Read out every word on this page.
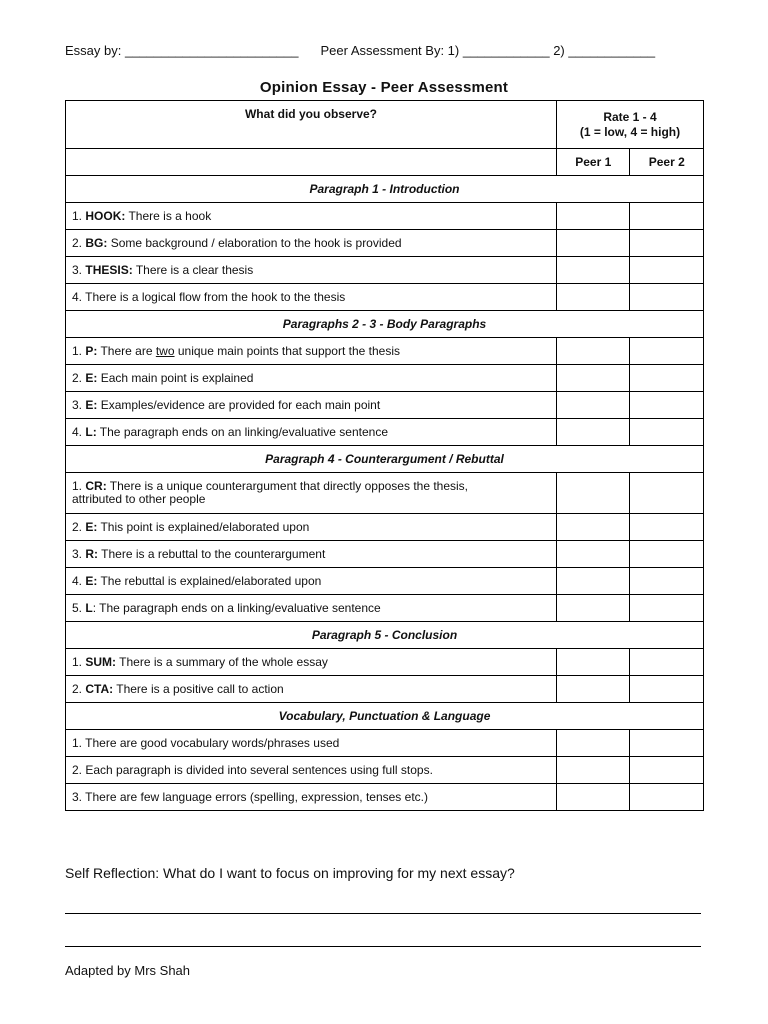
Essay by: ________________________ Peer Assessment By: 1) ____________ 2) ____________
Opinion Essay - Peer Assessment
What did you observe?	Rate 1 - 4
(1 = low, 4 = high)	

	Peer 1	Peer 2
Paragraph 1 - Introduction		
1. HOOK: There is a hook		
2. BG: Some background / elaboration to the hook is provided		
3. THESIS: There is a clear thesis		
4. There is a logical flow from the hook to the thesis		
Paragraphs 2 - 3 - Body Paragraphs		
1. P: There are two unique main points that support the thesis		
2. E: Each main point is explained		
3. E: Examples/evidence are provided for each main point		
4. L: The paragraph ends on an linking/evaluative sentence		
Paragraph 4 - Counterargument / Rebuttal		
1. CR: There is a unique counterargument that directly opposes the thesis,
attributed to other people		
2. E: This point is explained/elaborated upon		
3. R: There is a rebuttal to the counterargument		
4. E: The rebuttal is explained/elaborated upon		
5. L: The paragraph ends on a linking/evaluative sentence		
Paragraph 5 - Conclusion		
1. SUM: There is a summary of the whole essay		
2. CTA: There is a positive call to action		
Vocabulary, Punctuation & Language		
1. There are good vocabulary words/phrases used		
2. Each paragraph is divided into several sentences using full stops.		
3. There are few language errors (spelling, expression, tenses etc.)		
Self Reflection: What do I want to focus on improving for my next essay?
Adapted by Mrs Shah
